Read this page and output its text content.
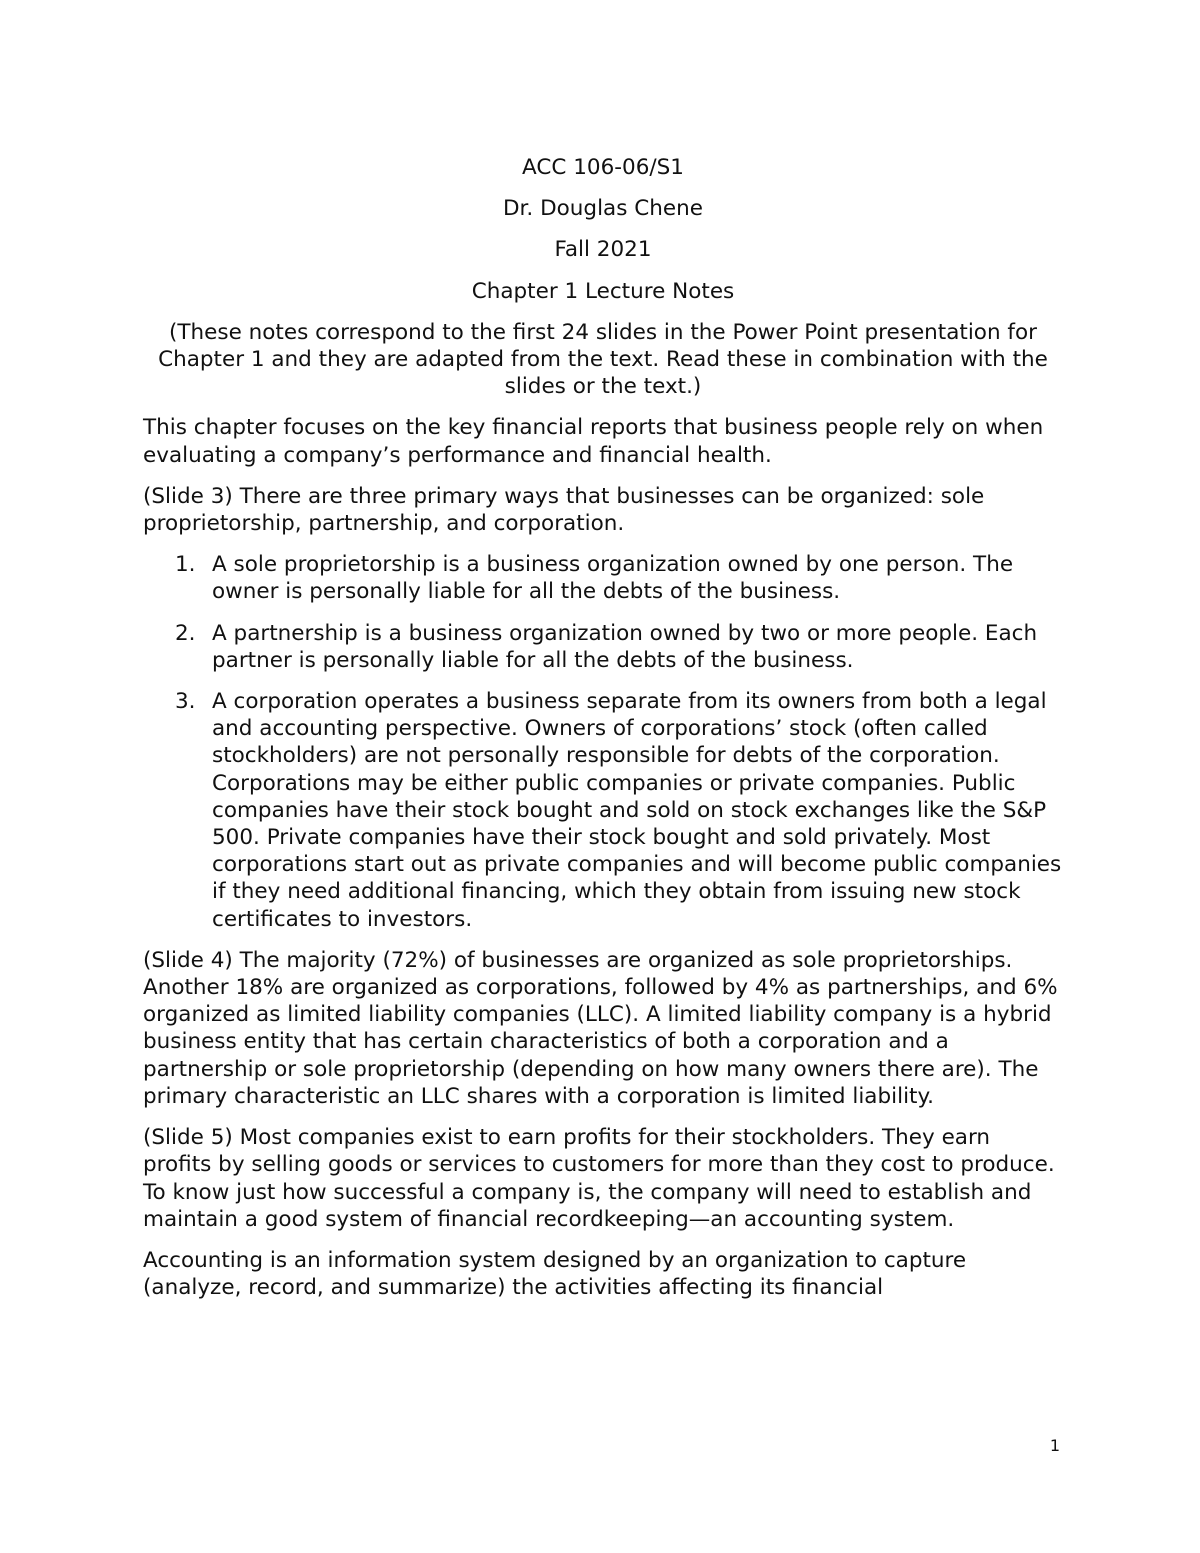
ACC 106-06/S1
Dr. Douglas Chene
Fall 2021
Chapter 1 Lecture Notes
(These notes correspond to the first 24 slides in the Power Point presentation for Chapter 1 and they are adapted from the text. Read these in combination with the slides or the text.)

This chapter focuses on the key financial reports that business people rely on when evaluating a company’s performance and financial health.

(Slide 3) There are three primary ways that businesses can be organized: sole proprietorship, partnership, and corporation.

1. A sole proprietorship is a business organization owned by one person. The owner is personally liable for all the debts of the business.
2. A partnership is a business organization owned by two or more people. Each partner is personally liable for all the debts of the business.
3. A corporation operates a business separate from its owners from both a legal and accounting perspective. Owners of corporations’ stock (often called stockholders) are not personally responsible for debts of the corporation. Corporations may be either public companies or private companies. Public companies have their stock bought and sold on stock exchanges like the S&P 500. Private companies have their stock bought and sold privately. Most corporations start out as private companies and will become public companies if they need additional financing, which they obtain from issuing new stock certificates to investors.

(Slide 4) The majority (72%) of businesses are organized as sole proprietorships. Another 18% are organized as corporations, followed by 4% as partnerships, and 6% organized as limited liability companies (LLC). A limited liability company is a hybrid business entity that has certain characteristics of both a corporation and a partnership or sole proprietorship (depending on how many owners there are). The primary characteristic an LLC shares with a corporation is limited liability.

(Slide 5) Most companies exist to earn profits for their stockholders. They earn profits by selling goods or services to customers for more than they cost to produce. To know just how successful a company is, the company will need to establish and maintain a good system of financial recordkeeping—an accounting system.

Accounting is an information system designed by an organization to capture (analyze, record, and summarize) the activities affecting its financial

1
